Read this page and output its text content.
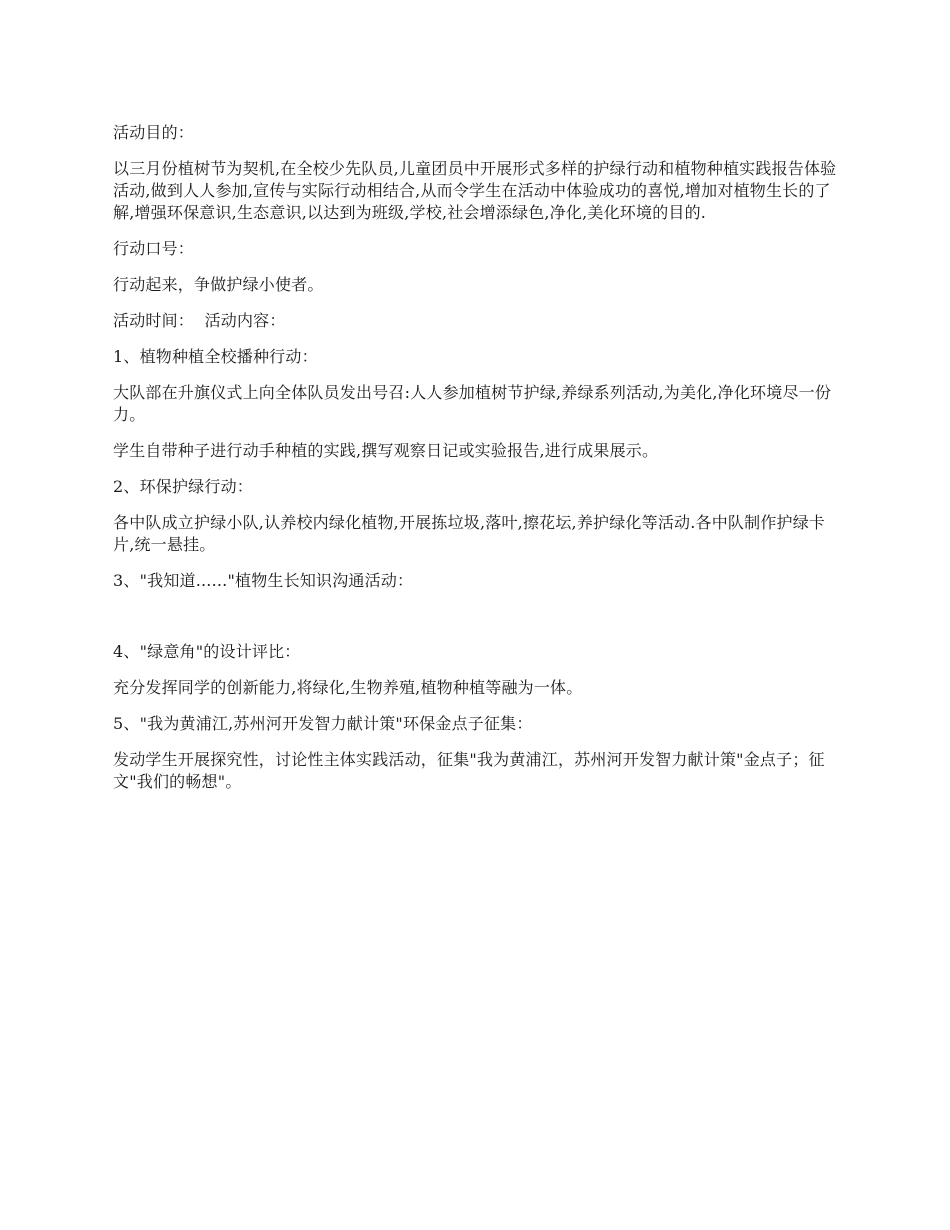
活动目的：

以三月份植树节为契机,在全校少先队员,儿童团员中开展形式多样的护绿行动和植物种植实践报告体验活动,做到人人参加,宣传与实际行动相结合,从而令学生在活动中体验成功的喜悦,增加对植物生长的了解,增强环保意识,生态意识,以达到为班级,学校,社会增添绿色,净化,美化环境的目的.

行动口号：

行动起来，争做护绿小使者。

活动时间：  活动内容：

1、植物种植全校播种行动：

大队部在升旗仪式上向全体队员发出号召:人人参加植树节护绿,养绿系列活动,为美化,净化环境尽一份力。

学生自带种子进行动手种植的实践,撰写观察日记或实验报告,进行成果展示。

2、环保护绿行动：

各中队成立护绿小队,认养校内绿化植物,开展拣垃圾,落叶,擦花坛,养护绿化等活动.各中队制作护绿卡片,统一悬挂。

3、"我知道......"植物生长知识沟通活动：

4、"绿意角"的设计评比：

充分发挥同学的创新能力,将绿化,生物养殖,植物种植等融为一体。

5、"我为黄浦江,苏州河开发智力献计策"环保金点子征集：

发动学生开展探究性，讨论性主体实践活动，征集"我为黄浦江，苏州河开发智力献计策"金点子；征文"我们的畅想"。
